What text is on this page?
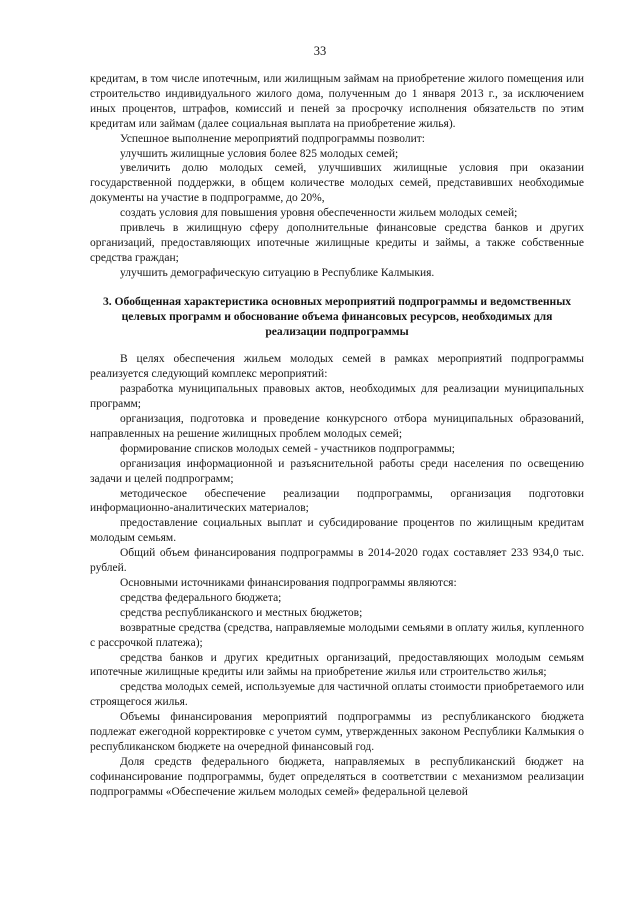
33

кредитам, в том числе ипотечным, или жилищным займам на приобретение жилого помещения или строительство индивидуального жилого дома, полученным до 1 января 2013 г., за исключением иных процентов, штрафов, комиссий и пеней за просрочку исполнения обязательств по этим кредитам или займам (далее социальная выплата на приобретение жилья).

Успешное выполнение мероприятий подпрограммы позволит:

улучшить жилищные условия более 825 молодых семей;

увеличить долю молодых семей, улучшивших жилищные условия при оказании государственной поддержки, в общем количестве молодых семей, представивших необходимые документы на участие в подпрограмме, до 20%,

создать условия для повышения уровня обеспеченности жильем молодых семей;

привлечь в жилищную сферу дополнительные финансовые средства банков и других организаций, предоставляющих ипотечные жилищные кредиты и займы, а также собственные средства граждан;

улучшить демографическую ситуацию в Республике Калмыкия.

3. Обобщенная характеристика основных мероприятий подпрограммы и ведомственных целевых программ и обоснование объема финансовых ресурсов, необходимых для реализации подпрограммы

В целях обеспечения жильем молодых семей в рамках мероприятий подпрограммы реализуется следующий комплекс мероприятий:

разработка муниципальных правовых актов, необходимых для реализации муниципальных программ;

организация, подготовка и проведение конкурсного отбора муниципальных образований, направленных на решение жилищных проблем молодых семей;

формирование списков молодых семей - участников подпрограммы;

организация информационной и разъяснительной работы среди населения по освещению задачи и целей подпрограмм;

методическое обеспечение реализации подпрограммы, организация подготовки информационно-аналитических материалов;

предоставление социальных выплат и субсидирование процентов по жилищным кредитам молодым семьям.

Общий объем финансирования подпрограммы в 2014-2020 годах составляет 233 934,0 тыс. рублей.

Основными источниками финансирования подпрограммы являются:

средства федерального бюджета;

средства республиканского и местных бюджетов;

возвратные средства (средства, направляемые молодыми семьями в оплату жилья, купленного с рассрочкой платежа);

средства банков и других кредитных организаций, предоставляющих молодым семьям ипотечные жилищные кредиты или займы на приобретение жилья или строительство жилья;

средства молодых семей, используемые для частичной оплаты стоимости приобретаемого или строящегося жилья.

Объемы финансирования мероприятий подпрограммы из республиканского бюджета подлежат ежегодной корректировке с учетом сумм, утвержденных законом Республики Калмыкия о республиканском бюджете на очередной финансовый год.

Доля средств федерального бюджета, направляемых в республиканский бюджет на софинансирование подпрограммы, будет определяться в соответствии с механизмом реализации подпрограммы «Обеспечение жильем молодых семей» федеральной целевой
